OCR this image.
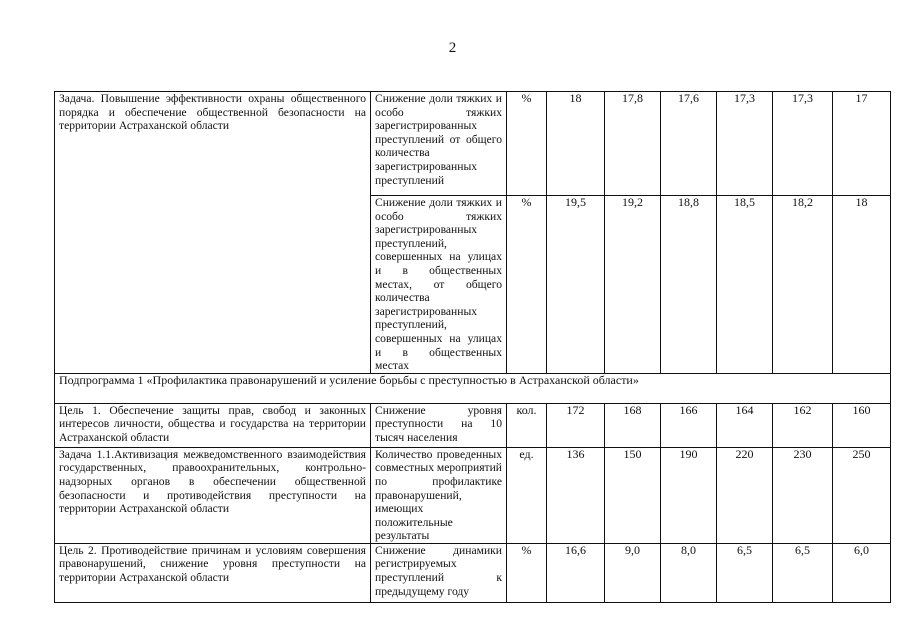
2
Задача. Повышение эффективности охраны общественного порядка и обеспечение общественной безопасности на территории Астраханской области	Снижение доли тяжких и особо тяжких зарегистрированных преступлений от общего количества зарегистрированных преступлений	%	18	17,8	17,6	17,3	17,3	17
	Снижение доли тяжких и особо тяжких зарегистрированных преступлений, совершенных на улицах и в общественных местах, от общего количества зарегистрированных преступлений, совершенных на улицах и в общественных местах	%	19,5	19,2	18,8	18,5	18,2	18
Подпрограмма 1 «Профилактика правонарушений и усиление борьбы с преступностью в Астраханской области»								
Цель 1. Обеспечение защиты прав, свобод и законных интересов личности, общества и государства на территории Астраханской области	Снижение уровня преступности на 10 тысяч населения	кол.	172	168	166	164	162	160
Задача 1.1.Активизация межведомственного взаимодействия государственных, правоохранительных, контрольно-надзорных органов в обеспечении общественной безопасности и противодействия преступности на территории Астраханской области	Количество проведенных совместных мероприятий по профилактике правонарушений, имеющих положительные результаты	ед.	136	150	190	220	230	250
Цель 2. Противодействие причинам и условиям совершения правонарушений, снижение уровня преступности на территории Астраханской области	Снижение динамики регистрируемых преступлений к предыдущему году	%	16,6	9,0	8,0	6,5	6,5	6,0
